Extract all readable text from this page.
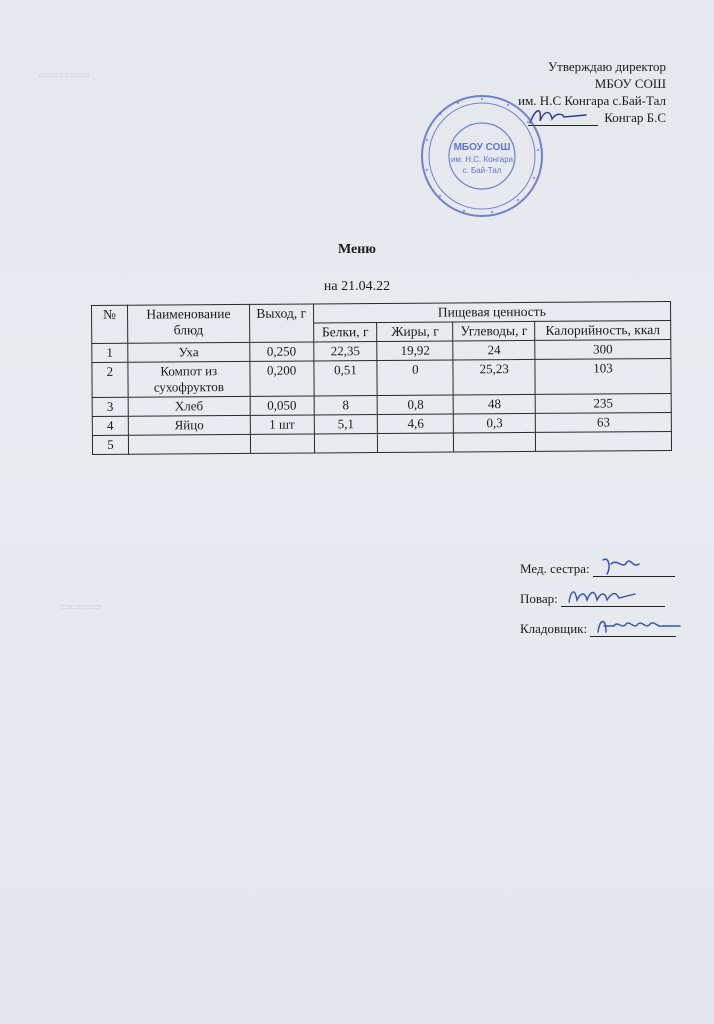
▭▭▭▭▭
▭▭▭▭
Утверждаю директор
МБОУ СОШ
им. Н.С Конгара с.Бай-Тал
Конгар Б.С
МБОУ СОШ
им. Н.С. Конгара
с. Бай-Тал
Меню
на 21.04.22
№	Наименование блюд	Выход, г	Пищевая ценность			
			Белки, г	Жиры, г	Углеводы, г	Калорийность, ккал
1	Уха	0,250	22,35	19,92	24	300
2	Компот из сухофруктов	0,200	0,51	0	25,23	103
3	Хлеб	0,050	8	0,8	48	235
4	Яйцо	1 шт	5,1	4,6	0,3	63
5						
Мед. сестра:
Повар:
Кладовщик:
